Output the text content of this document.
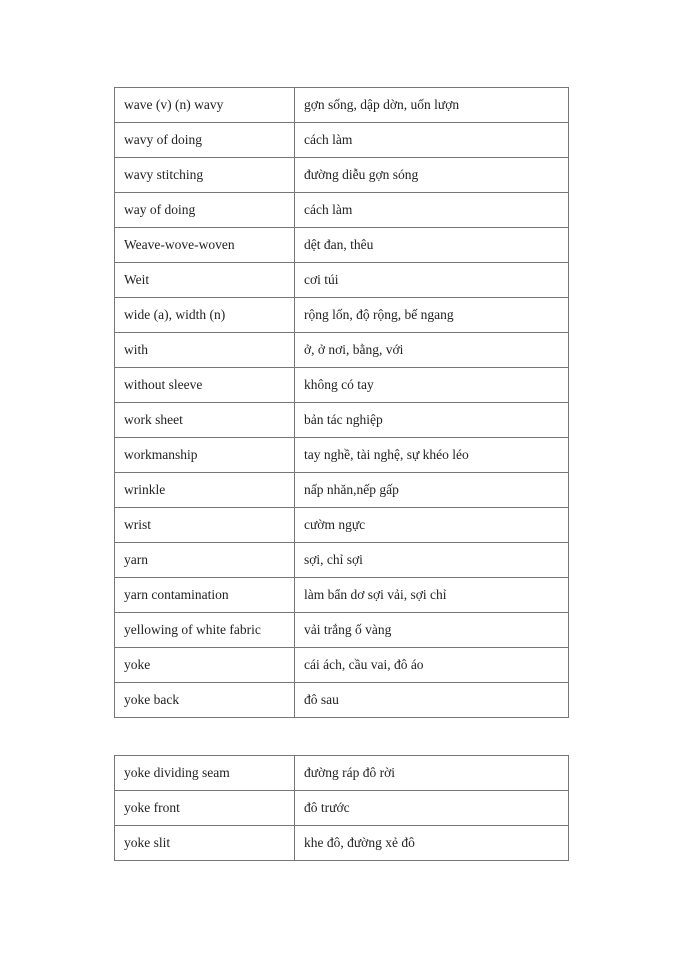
wave (v) (n) wavy	gợn sống, dập dờn, uốn lượn
wavy of doing	cách làm
wavy stitching	đường diễu gợn sóng
way of doing	cách làm
Weave-wove-woven	dệt đan, thêu
Weit	cơi túi
wide (a), width (n)	rộng lốn, độ rộng, bế ngang
with	ở, ở nơi, bằng, với
without sleeve	không có tay
work sheet	bản tác nghiệp
workmanship	tay nghề, tài nghệ, sự khéo léo
wrinkle	nấp nhăn,nếp gấp
wrist	cườm ngực
yarn	sợi, chỉ sợi
yarn contamination	làm bẩn dơ sợi vải, sợi chỉ
yellowing of white fabric	vải trắng ố vàng
yoke	cái ách, cầu vai, đô áo
yoke back	đô sau
yoke dividing seam	đường ráp đô rời
yoke front	đô trước
yoke slit	khe đô, đường xẻ đô
